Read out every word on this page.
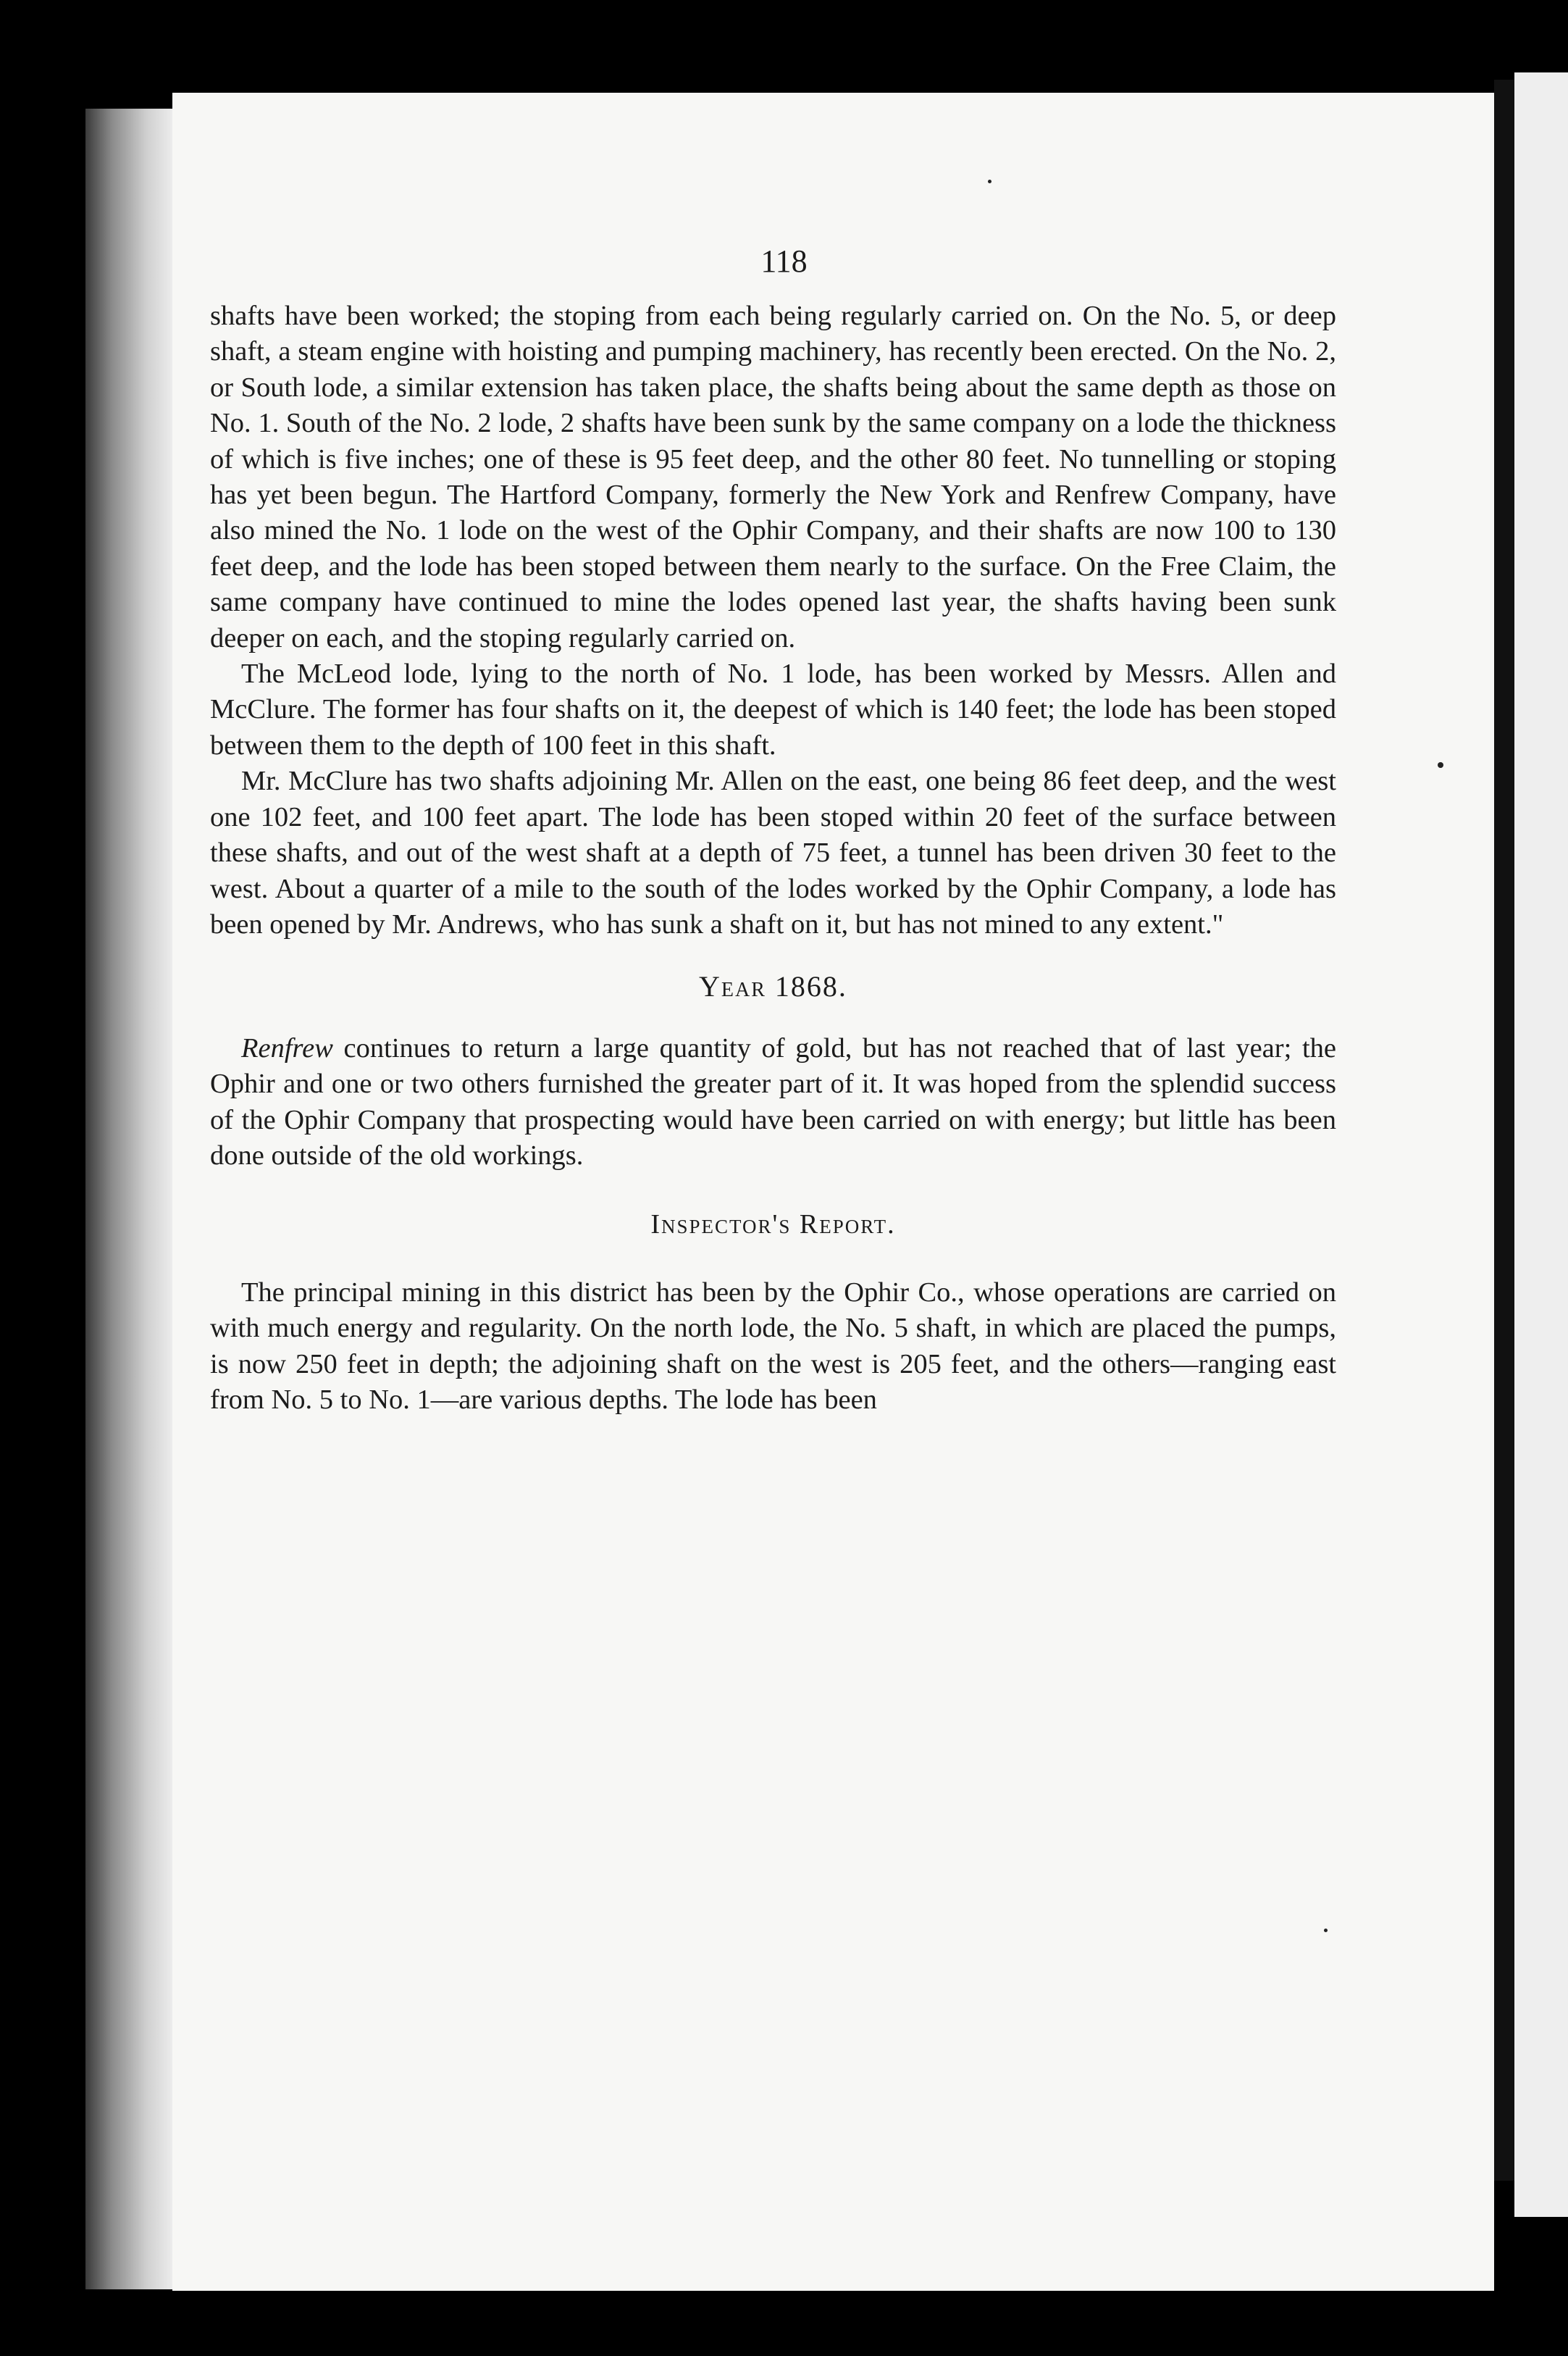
118

shafts have been worked; the stoping from each being regularly carried on. On the No. 5, or deep shaft, a steam engine with hoisting and pumping machinery, has recently been erected. On the No. 2, or South lode, a similar extension has taken place, the shafts being about the same depth as those on No. 1. South of the No. 2 lode, 2 shafts have been sunk by the same company on a lode the thickness of which is five inches; one of these is 95 feet deep, and the other 80 feet. No tunnelling or stoping has yet been begun. The Hartford Company, formerly the New York and Renfrew Company, have also mined the No. 1 lode on the west of the Ophir Company, and their shafts are now 100 to 130 feet deep, and the lode has been stoped between them nearly to the surface. On the Free Claim, the same company have continued to mine the lodes opened last year, the shafts having been sunk deeper on each, and the stoping regularly carried on.

The McLeod lode, lying to the north of No. 1 lode, has been worked by Messrs. Allen and McClure. The former has four shafts on it, the deepest of which is 140 feet; the lode has been stoped between them to the depth of 100 feet in this shaft.

Mr. McClure has two shafts adjoining Mr. Allen on the east, one being 86 feet deep, and the west one 102 feet, and 100 feet apart. The lode has been stoped within 20 feet of the surface between these shafts, and out of the west shaft at a depth of 75 feet, a tunnel has been driven 30 feet to the west. About a quarter of a mile to the south of the lodes worked by the Ophir Company, a lode has been opened by Mr. Andrews, who has sunk a shaft on it, but has not mined to any extent."

Year 1868.

Renfrew continues to return a large quantity of gold, but has not reached that of last year; the Ophir and one or two others furnished the greater part of it. It was hoped from the splendid success of the Ophir Company that prospecting would have been carried on with energy; but little has been done outside of the old workings.

Inspector's Report.

The principal mining in this district has been by the Ophir Co., whose operations are carried on with much energy and regularity. On the north lode, the No. 5 shaft, in which are placed the pumps, is now 250 feet in depth; the adjoining shaft on the west is 205 feet, and the others—ranging east from No. 5 to No. 1—are various depths. The lode has been
